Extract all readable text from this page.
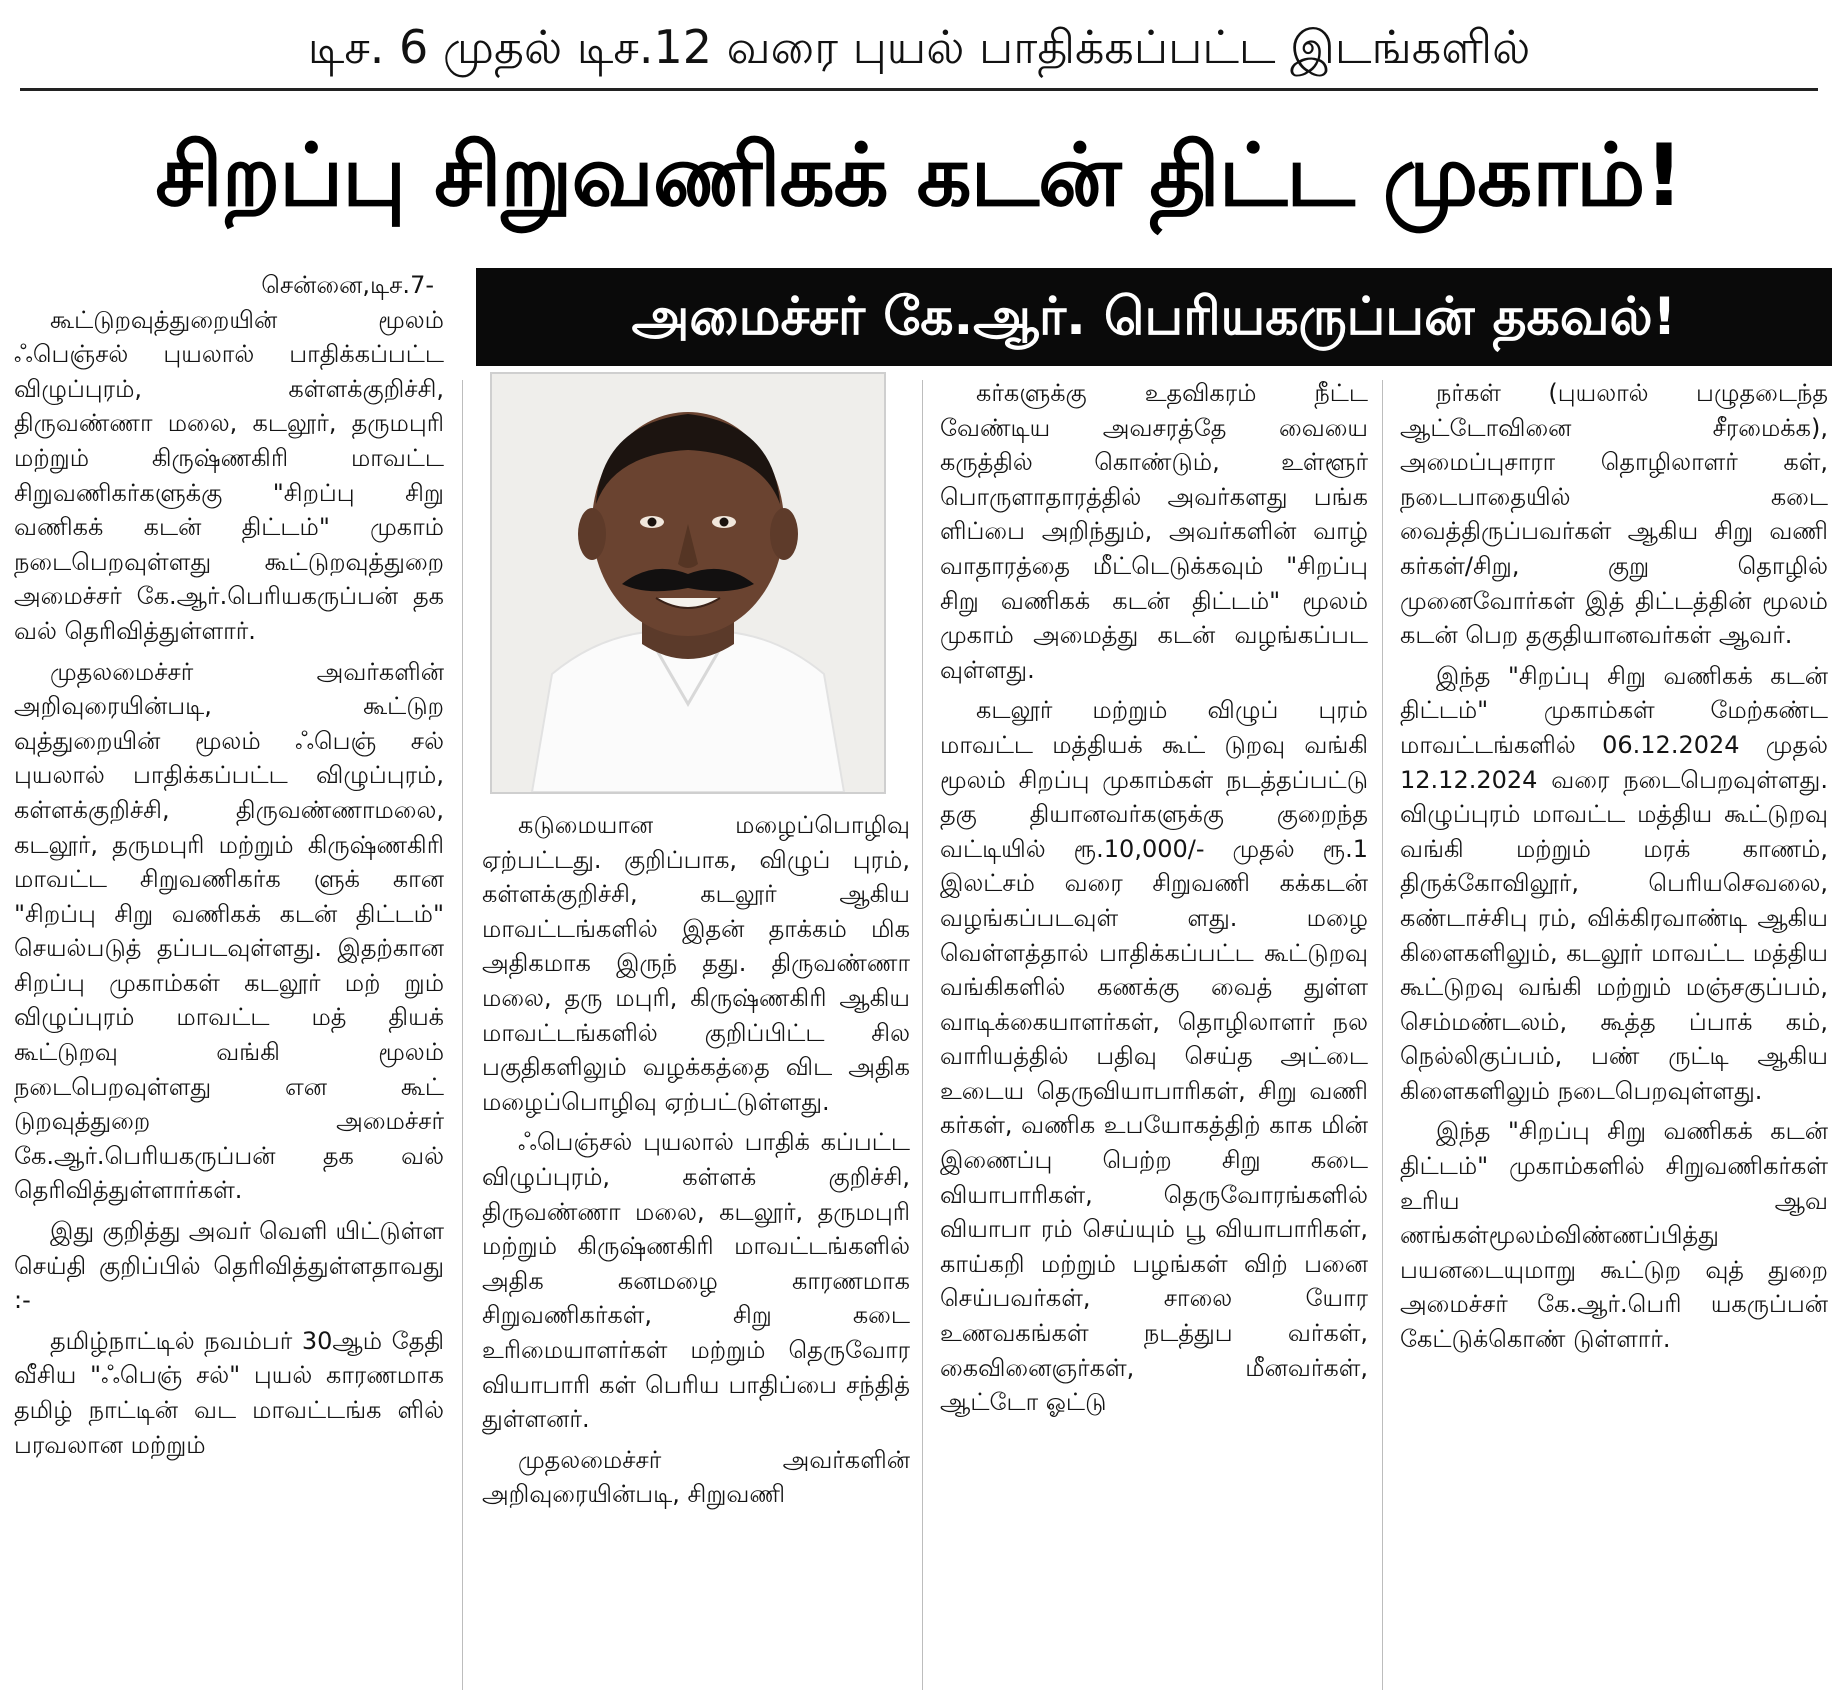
டிச. 6 முதல் டிச.12 வரை புயல் பாதிக்கப்பட்ட இடங்களில்
சிறப்பு சிறுவணிகக் கடன் திட்ட முகாம்!
அமைச்சர் கே.ஆர். பெரியகருப்பன் தகவல்!
சென்னை,டிச.7-

கூட்டுறவுத்துறையின் மூலம் ஃபெஞ்சல் புயலால் பாதிக்கப்பட்ட விழுப்புரம், கள்ளக்குறிச்சி, திருவண்ணா மலை, கடலூர், தருமபுரி மற்றும் கிருஷ்ணகிரி மாவட்ட சிறுவணிகர்களுக்கு "சிறப்பு சிறு வணிகக் கடன் திட்டம்" முகாம் நடைபெறவுள்ளது கூட்டுறவுத்துறை அமைச்சர் கே.ஆர்.பெரியகருப்பன் தக வல் தெரிவித்துள்ளார்.

முதலமைச்சர் அவர்களின் அறிவுரையின்படி, கூட்டுற வுத்துறையின் மூலம் ஃபெஞ் சல் புயலால் பாதிக்கப்பட்ட விழுப்புரம், கள்ளக்குறிச்சி, திருவண்ணாமலை, கடலூர், தருமபுரி மற்றும் கிருஷ்ணகிரி மாவட்ட சிறுவணிகர்க ளுக் கான "சிறப்பு சிறு வணிகக் கடன் திட்டம்" செயல்படுத் தப்படவுள்ளது. இதற்கான சிறப்பு முகாம்கள் கடலூர் மற் றும் விழுப்புரம் மாவட்ட மத் தியக் கூட்டுறவு வங்கி மூலம் நடைபெறவுள்ளது என கூட் டுறவுத்துறை அமைச்சர் கே.ஆர்.பெரியகருப்பன் தக வல் தெரிவித்துள்ளார்கள்.

இது குறித்து அவர் வெளி யிட்டுள்ள செய்தி குறிப்பில் தெரிவித்துள்ளதாவது :-

தமிழ்நாட்டில் நவம்பர் 30ஆம் தேதி வீசிய "ஃபெஞ் சல்" புயல் காரணமாக தமிழ் நாட்டின் வட மாவட்டங்க ளில் பரவலான மற்றும்

கடுமையான மழைப்பொழிவு ஏற்பட்டது. குறிப்பாக, விழுப் புரம், கள்ளக்குறிச்சி, கடலூர் ஆகிய மாவட்டங்களில் இதன் தாக்கம் மிக அதிகமாக இருந் தது. திருவண்ணா மலை, தரு மபுரி, கிருஷ்ணகிரி ஆகிய மாவட்டங்களில் குறிப்பிட்ட சில பகுதிகளிலும் வழக்கத்தை விட அதிக மழைப்பொழிவு ஏற்பட்டுள்ளது.

ஃபெஞ்சல் புயலால் பாதிக் கப்பட்ட விழுப்புரம், கள்ளக் குறிச்சி, திருவண்ணா மலை, கடலூர், தருமபுரி மற்றும் கிருஷ்ணகிரி மாவட்டங்களில் அதிக கனமழை காரணமாக சிறுவணிகர்கள், சிறு கடை உரிமையாளர்கள் மற்றும் தெருவோர வியாபாரி கள் பெரிய பாதிப்பை சந்தித் துள்ளனர்.

முதலமைச்சர் அவர்களின் அறிவுரையின்படி, சிறுவணி

கர்களுக்கு உதவிகரம் நீட்ட வேண்டிய அவசரத்தே வையை கருத்தில் கொண்டும், உள்ளூர் பொருளாதாரத்தில் அவர்களது பங்க ளிப்பை அறிந்தும், அவர்களின் வாழ் வாதாரத்தை மீட்டெடுக்கவும் "சிறப்பு சிறு வணிகக் கடன் திட்டம்" மூலம் முகாம் அமைத்து கடன் வழங்கப்பட வுள்ளது.

கடலூர் மற்றும் விழுப் புரம் மாவட்ட மத்தியக் கூட் டுறவு வங்கி மூலம் சிறப்பு முகாம்கள் நடத்தப்பட்டு தகு தியானவர்களுக்கு குறைந்த வட்டியில் ரூ.10,000/- முதல் ரூ.1 இலட்சம் வரை சிறுவணி கக்கடன் வழங்கப்படவுள் ளது. மழை வெள்ளத்தால் பாதிக்கப்பட்ட கூட்டுறவு வங்கிகளில் கணக்கு வைத் துள்ள வாடிக்கையாளர்கள், தொழிலாளர் நல வாரியத்தில் பதிவு செய்த அட்டை உடைய தெருவியாபாரிகள், சிறு வணி கர்கள், வணிக உபயோகத்திற் காக மின் இணைப்பு பெற்ற சிறு கடை வியாபாரிகள், தெருவோரங்களில் வியாபா ரம் செய்யும் பூ வியாபாரிகள், காய்கறி மற்றும் பழங்கள் விற் பனை செய்பவர்கள், சாலை யோர உணவகங்கள் நடத்துப வர்கள், கைவினைஞர்கள், மீனவர்கள், ஆட்டோ ஓட்டு

நர்கள் (புயலால் பழுதடைந்த ஆட்டோவினை சீரமைக்க), அமைப்புசாரா தொழிலாளர் கள், நடைபாதையில் கடை வைத்திருப்பவர்கள் ஆகிய சிறு வணி கர்கள்/சிறு, குறு தொழில் முனைவோர்கள் இத் திட்டத்தின் மூலம் கடன் பெற தகுதியானவர்கள் ஆவர்.

இந்த "சிறப்பு சிறு வணிகக் கடன் திட்டம்" முகாம்கள் மேற்கண்ட மாவட்டங்களில் 06.12.2024 முதல் 12.12.2024 வரை நடைபெறவுள்ளது. விழுப்புரம் மாவட்ட மத்திய கூட்டுறவு வங்கி மற்றும் மரக் காணம், திருக்கோவிலூர், பெரியசெவலை, கண்டாச்சிபு ரம், விக்கிரவாண்டி ஆகிய கிளைகளிலும், கடலூர் மாவட்ட மத்திய கூட்டுறவு வங்கி மற்றும் மஞ்சகுப்பம், செம்மண்டலம், கூத்த ப்பாக் கம், நெல்லிகுப்பம், பண் ருட்டி ஆகிய கிளைகளிலும் நடைபெறவுள்ளது.

இந்த "சிறப்பு சிறு வணிகக் கடன் திட்டம்" முகாம்களில் சிறுவணிகர்கள் உரிய ஆவ ணங்கள்மூலம்விண்ணப்பித்து பயனடையுமாறு கூட்டுற வுத் துறை அமைச்சர் கே.ஆர்.பெரி யகருப்பன் கேட்டுக்கொண் டுள்ளார்.
